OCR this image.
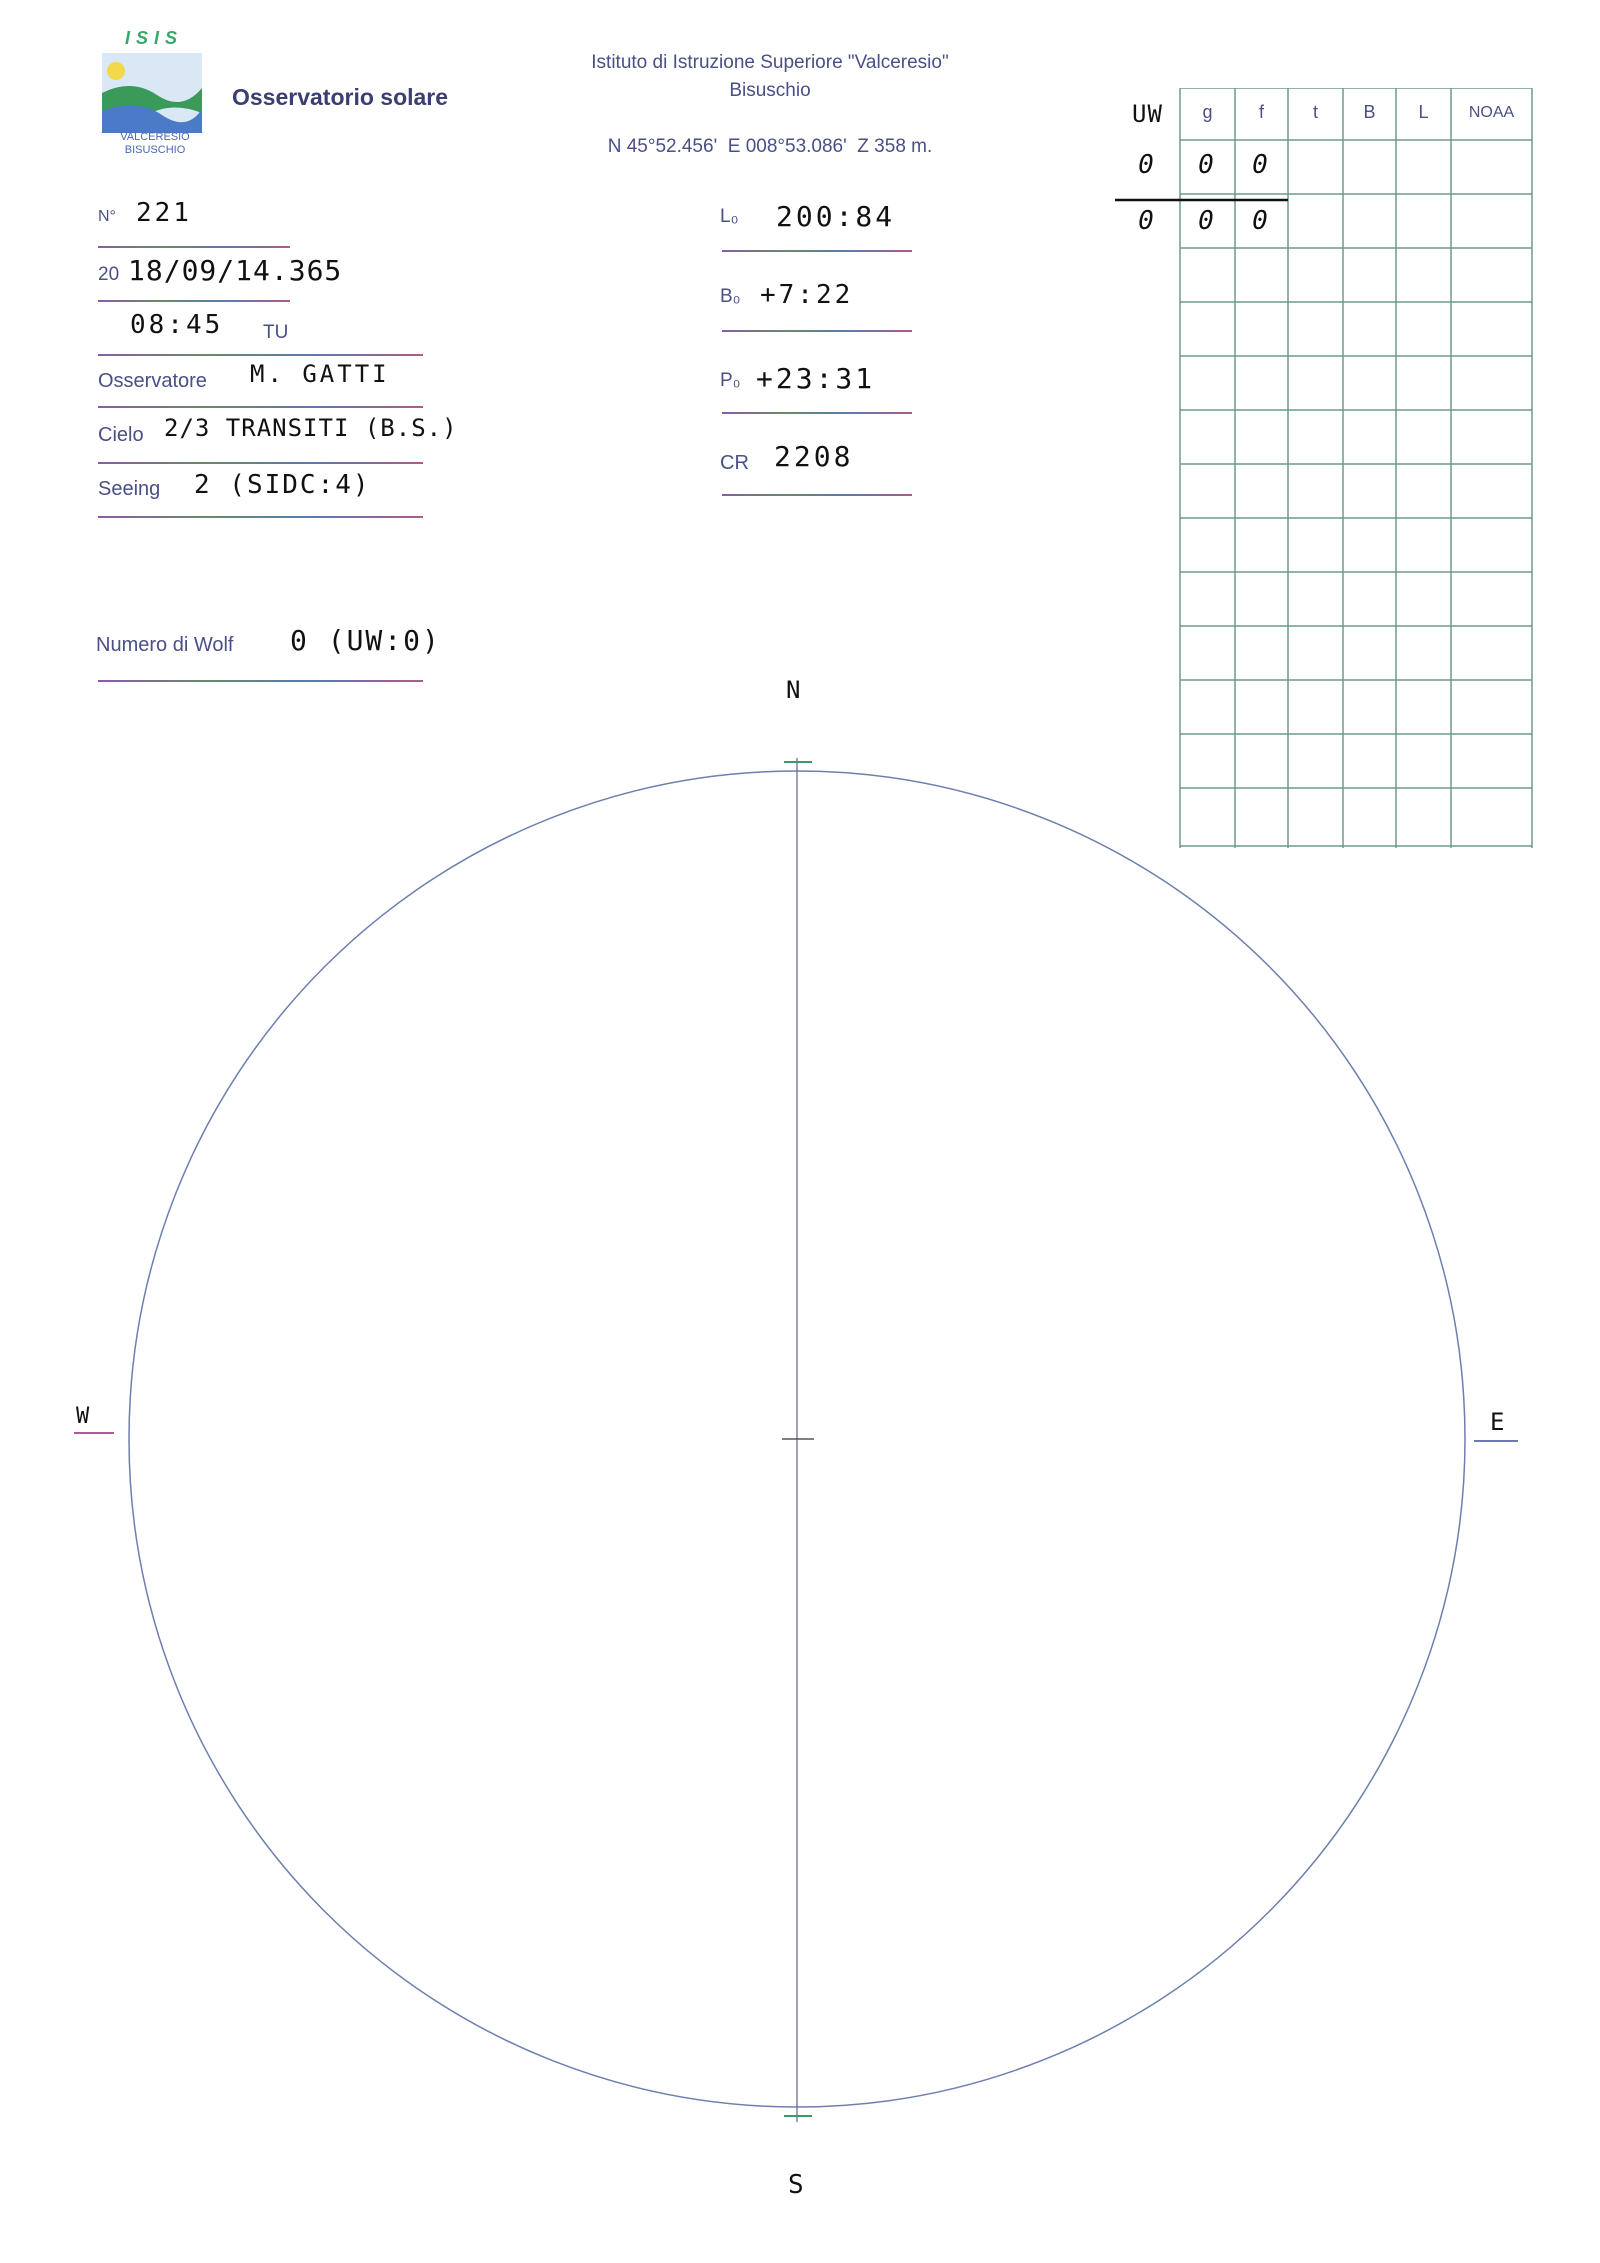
ISIS
VALCERESIO
BISUSCHIO
Osservatorio solare
Istituto di Istruzione Superiore "Valceresio"
Bisuschio
N 45°52.456'  E 008°53.086'  Z 358 m.
N° 221
20 18/09/14.365
08:45 TU
Osservatore M. GATTI
Cielo 2/3 TRANSITI (B.S.)
Seeing 2 (SIDC:4)
Numero di Wolf 0 (UW:0)
L₀ 200:84
B₀ +7:22
P₀ +23:31
CR 2208
UW	g	f	t	B	L	NOAA
0	0	0
0	0	0
N
S
W	E
